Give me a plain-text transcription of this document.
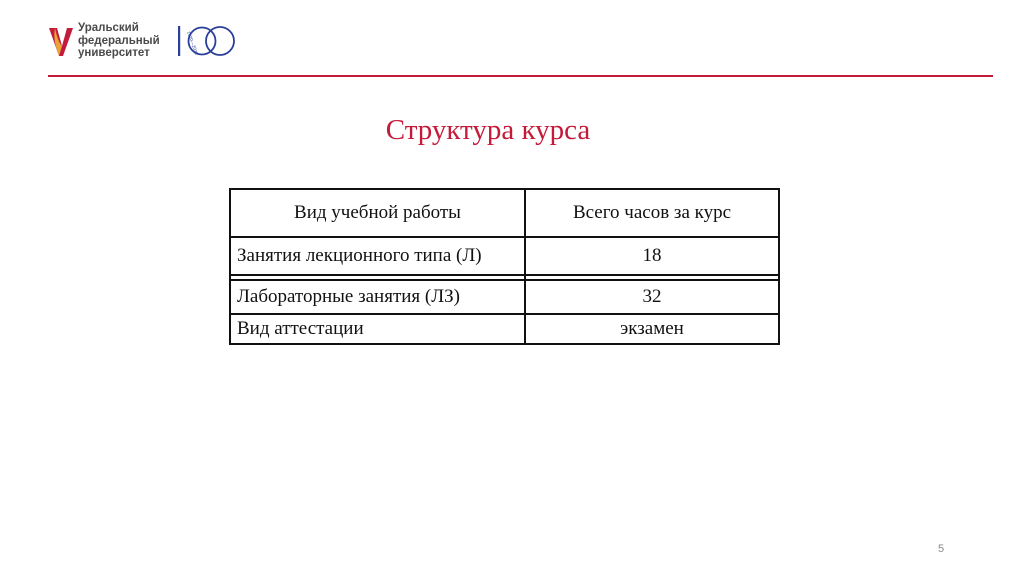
Уральский
федеральный
университет	1920—2020
Структура курса
Вид учебной работы	Всего часов за курс
Занятия лекционного типа (Л)	18

Лабораторные занятия (ЛЗ)	32
Вид аттестации	экзамен
5
